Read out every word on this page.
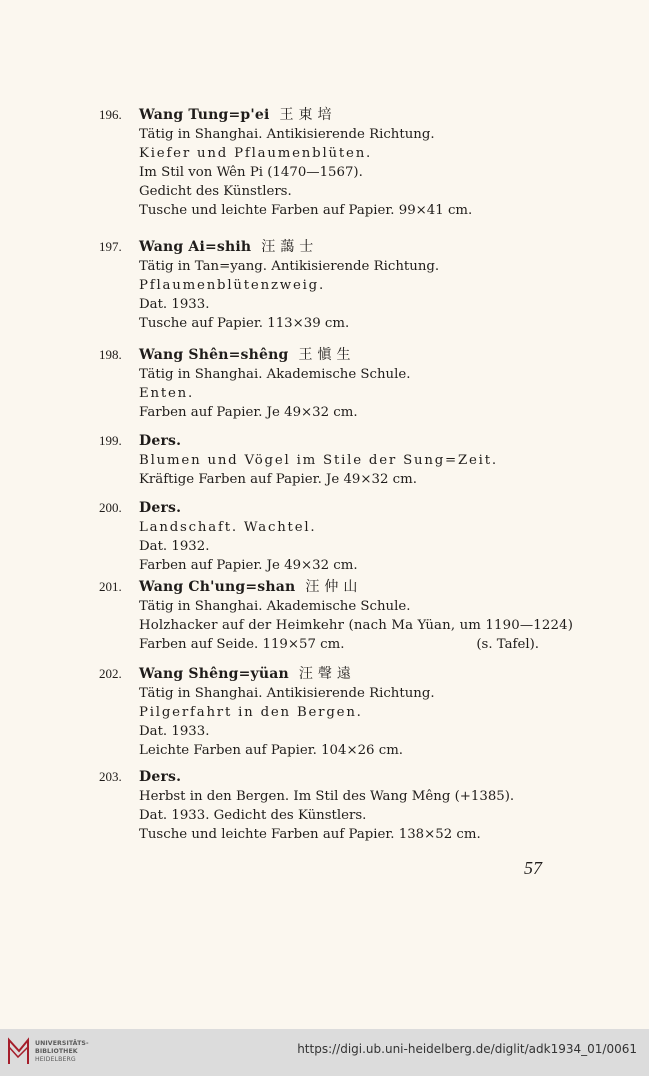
196. Wang Tung=p'ei 王東培
Tätig in Shanghai. Antikisierende Richtung.
Kiefer und Pflaumenblüten.
Im Stil von Wên Pi (1470—1567).
Gedicht des Künstlers.
Tusche und leichte Farben auf Papier. 99×41 cm.
197. Wang Ai=shih 汪藹士
Tätig in Tan=yang. Antikisierende Richtung.
Pflaumenblütenzweig.
Dat. 1933.
Tusche auf Papier. 113×39 cm.
198. Wang Shên=shêng 王愼生
Tätig in Shanghai. Akademische Schule.
Enten.
Farben auf Papier. Je 49×32 cm.
199. Ders.
Blumen und Vögel im Stile der Sung=Zeit.
Kräftige Farben auf Papier. Je 49×32 cm.
200. Ders.
Landschaft. Wachtel.
Dat. 1932.
Farben auf Papier. Je 49×32 cm.
201. Wang Ch'ung=shan 汪仲山
Tätig in Shanghai. Akademische Schule.
Holzhacker auf der Heimkehr (nach Ma Yüan, um 1190—1224)
Farben auf Seide. 119×57 cm.	(s. Tafel).
202. Wang Shêng=yüan 汪聲遠
Tätig in Shanghai. Antikisierende Richtung.
Pilgerfahrt in den Bergen.
Dat. 1933.
Leichte Farben auf Papier. 104×26 cm.
203. Ders.
Herbst in den Bergen. Im Stil des Wang Mêng (+1385).
Dat. 1933. Gedicht des Künstlers.
Tusche und leichte Farben auf Papier. 138×52 cm.
57
UNIVERSITÄTS-
BIBLIOTHEK
HEIDELBERG
https://digi.ub.uni-heidelberg.de/diglit/adk1934_01/0061
